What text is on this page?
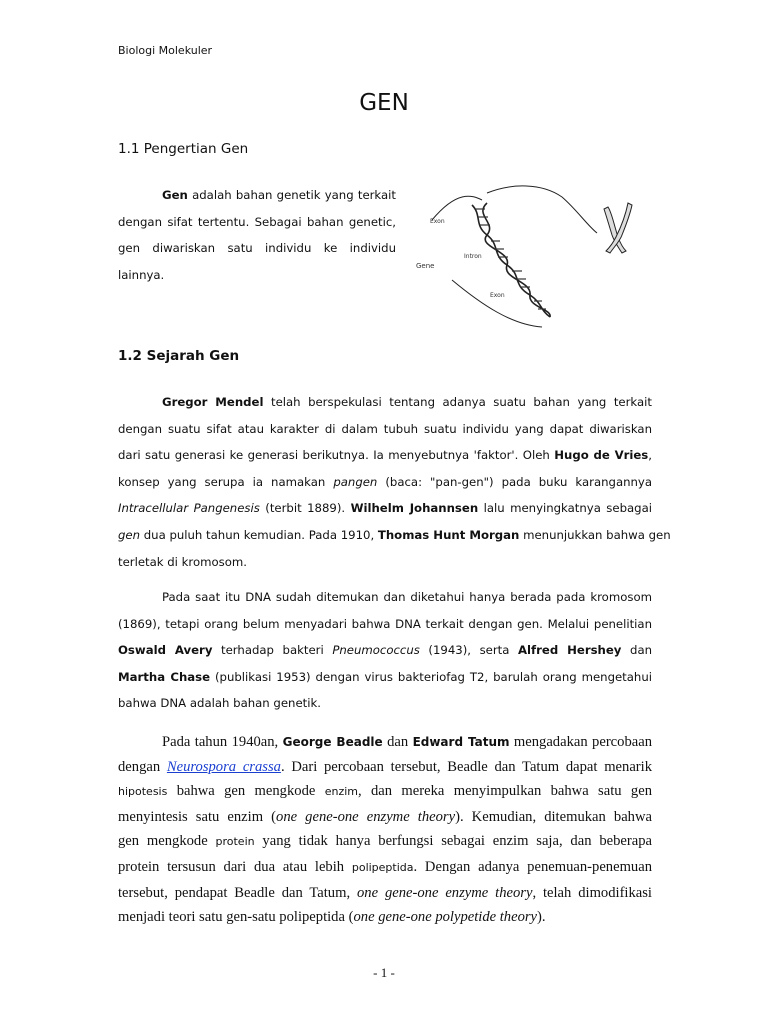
Biologi Molekuler
GEN
1.1 Pengertian Gen
Gen adalah bahan genetik yang terkait
dengan sifat tertentu. Sebagai bahan genetic,
gen diwariskan satu individu ke individu
lainnya.
Exon
Intron
Gene
Exon
1.2 Sejarah Gen
Gregor Mendel telah berspekulasi tentang adanya suatu bahan yang terkait
dengan suatu sifat atau karakter di dalam tubuh suatu individu yang dapat diwariskan
dari satu generasi ke generasi berikutnya. Ia menyebutnya 'faktor'. Oleh Hugo de Vries,
konsep yang serupa ia namakan pangen (baca: "pan-gen") pada buku karangannya
Intracellular Pangenesis (terbit 1889). Wilhelm Johannsen lalu menyingkatnya sebagai
gen dua puluh tahun kemudian. Pada 1910, Thomas Hunt Morgan menunjukkan bahwa gen
terletak di kromosom.
Pada saat itu DNA sudah ditemukan dan diketahui hanya berada pada kromosom
(1869), tetapi orang belum menyadari bahwa DNA terkait dengan gen. Melalui penelitian
Oswald Avery terhadap bakteri Pneumococcus (1943), serta Alfred Hershey dan
Martha Chase (publikasi 1953) dengan virus bakteriofag T2, barulah orang mengetahui
bahwa DNA adalah bahan genetik.
Pada tahun 1940an, George Beadle dan Edward Tatum mengadakan percobaan
dengan Neurospora crassa. Dari percobaan tersebut, Beadle dan Tatum dapat menarik
hipotesis bahwa gen mengkode enzim, dan mereka menyimpulkan bahwa satu gen
menyintesis satu enzim (one gene-one enzyme theory). Kemudian, ditemukan bahwa
gen mengkode protein yang tidak hanya berfungsi sebagai enzim saja, dan beberapa
protein tersusun dari dua atau lebih polipeptida. Dengan adanya penemuan-penemuan
tersebut, pendapat Beadle dan Tatum, one gene-one enzyme theory, telah dimodifikasi
menjadi teori satu gen-satu polipeptida (one gene-one polypetide theory).
- 1 -
